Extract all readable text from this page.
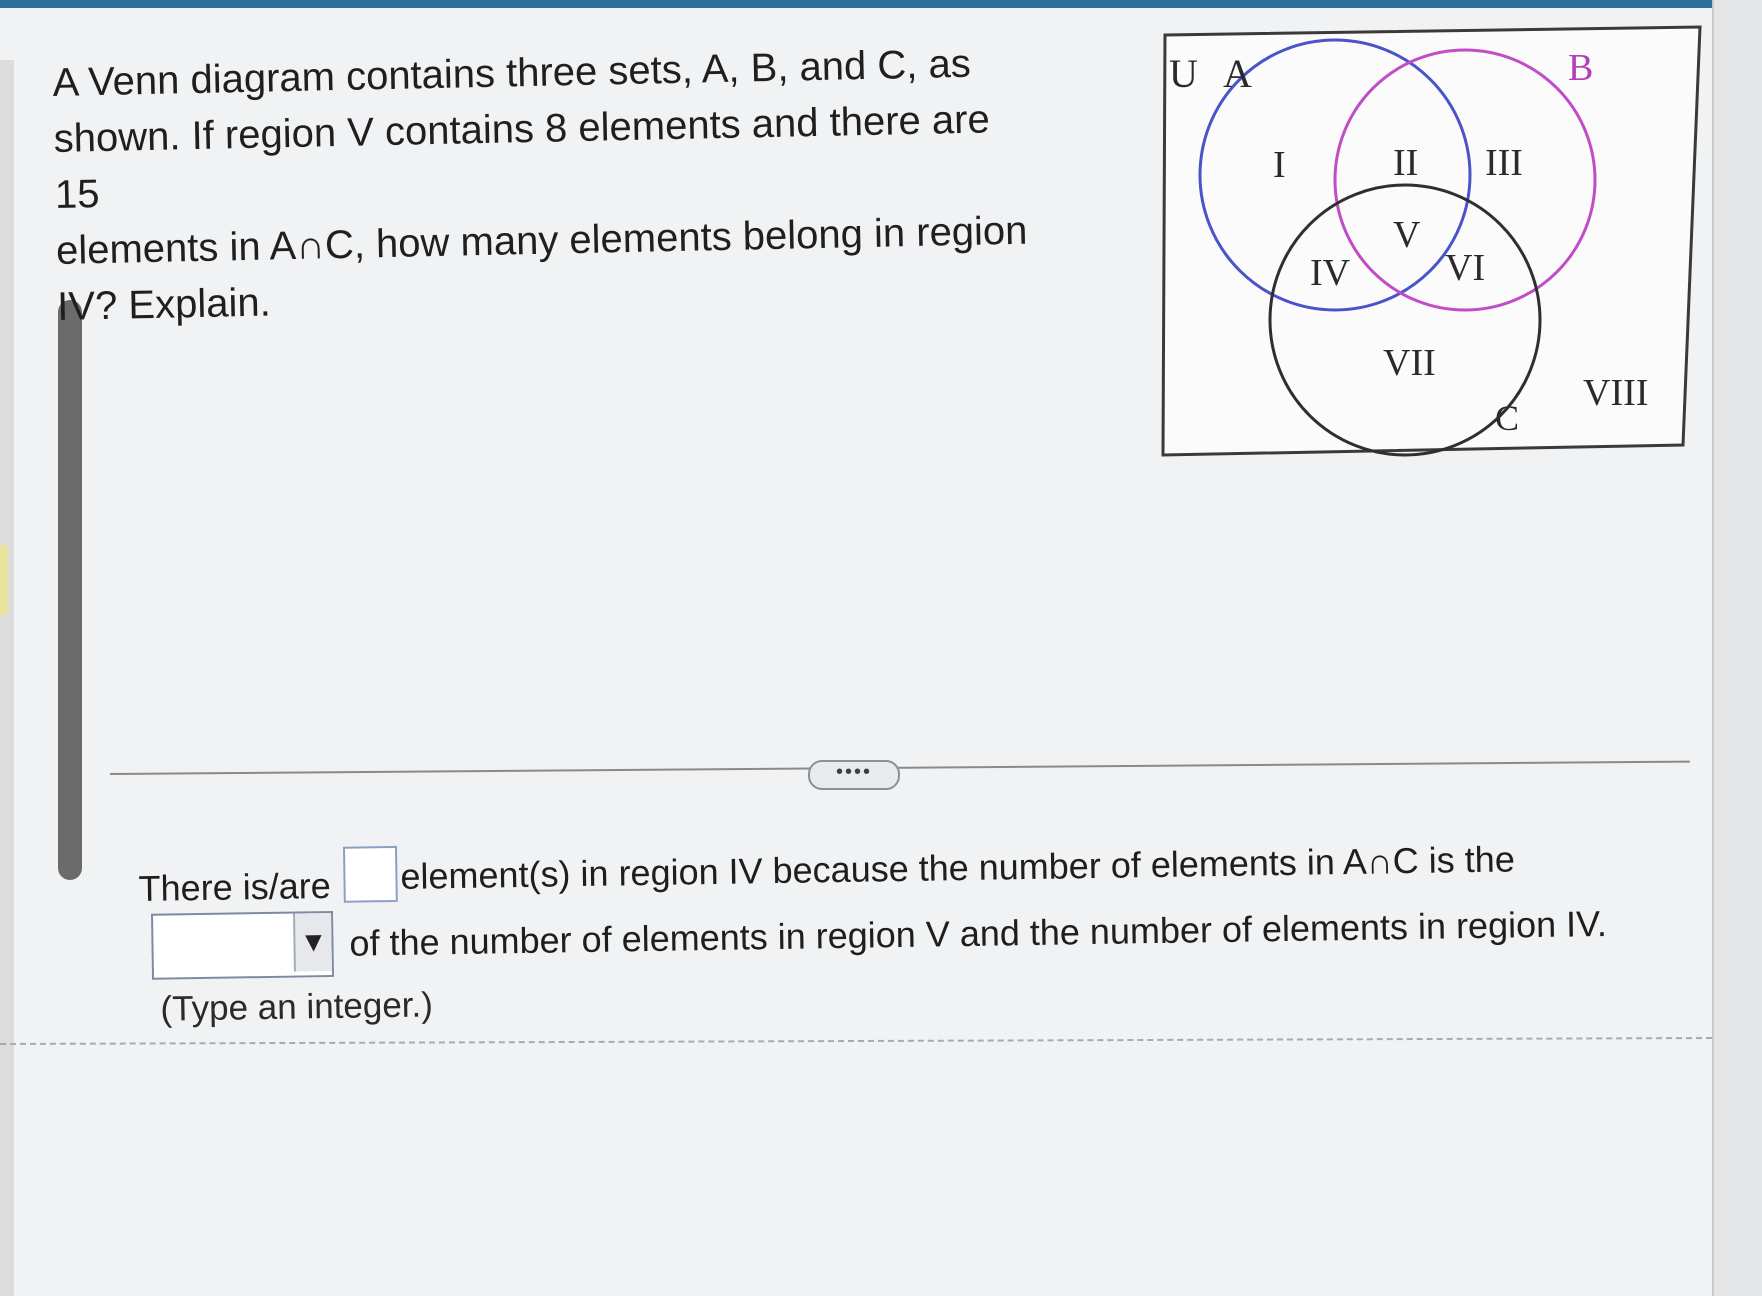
A Venn diagram contains three sets, A, B, and C, as
shown. If region V contains 8 elements and there are 15
elements in A∩C, how many elements belong in region
IV? Explain.
U A	B
C
I	II III
IV
V
VI
VII
VIII
••••
There is/are element(s) in region IV because the number of elements in A∩C is the
▼ of the number of elements in region V and the number of elements in region IV.
(Type an integer.)
